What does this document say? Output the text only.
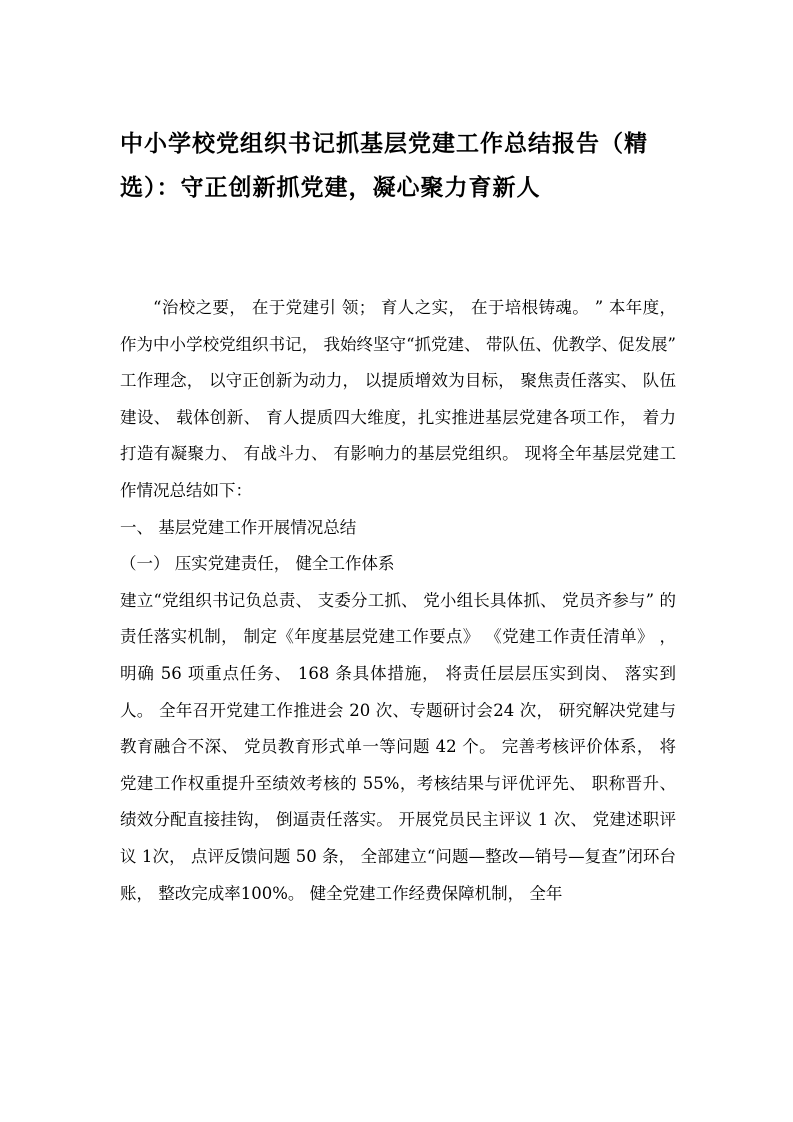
中小学校党组织书记抓基层党建工作总结报告（精选）：守正创新抓党建，凝心聚力育新人

“治校之要， 在于党建引 领； 育人之实， 在于培根铸魂。 ” 本年度，作为中小学校党组织书记， 我始终坚守“抓党建、 带队伍、优教学、促发展” 工作理念， 以守正创新为动力， 以提质增效为目标， 聚焦责任落实、 队伍建设、 载体创新、 育人提质四大维度，扎实推进基层党建各项工作， 着力打造有凝聚力、 有战斗力、 有影响力的基层党组织。 现将全年基层党建工作情况总结如下：

一、 基层党建工作开展情况总结

（一） 压实党建责任， 健全工作体系

建立“党组织书记负总责、 支委分工抓、 党小组长具体抓、 党员齐参与” 的责任落实机制， 制定《年度基层党建工作要点》 《党建工作责任清单》 ， 明确 56 项重点任务、 168 条具体措施， 将责任层层压实到岗、 落实到人。 全年召开党建工作推进会 20 次、专题研讨会24 次， 研究解决党建与教育融合不深、 党员教育形式单一等问题 42 个。 完善考核评价体系， 将党建工作权重提升至绩效考核的 55%，考核结果与评优评先、 职称晋升、 绩效分配直接挂钩， 倒逼责任落实。 开展党员民主评议 1 次、 党建述职评议 1次， 点评反馈问题 50 条， 全部建立“问题—整改—销号—复查”闭环台账， 整改完成率100%。 健全党建工作经费保障机制， 全年
